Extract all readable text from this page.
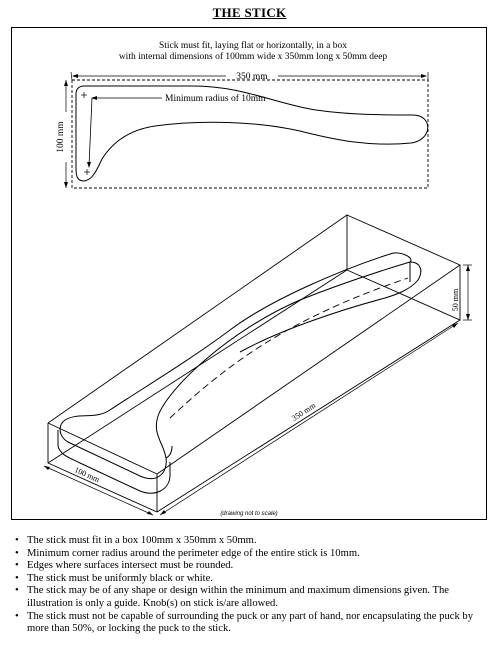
THE STICK
Stick must fit, laying flat or horizontally, in a box
with internal dimensions of 100mm wide x 350mm long x 50mm deep
350 mm
100 mm
Minimum radius of 10mm
50 mm
350 mm
100 mm
(drawing not to scale)
• The stick must fit in a box 100mm x 350mm x 50mm.
• Minimum corner radius around the perimeter edge of the entire stick is 10mm.
• Edges where surfaces intersect must be rounded.
• The stick must be uniformly black or white.
• The stick may be of any shape or design within the minimum and maximum dimensions given. The illustration is only a guide. Knob(s) on stick is/are allowed.
• The stick must not be capable of surrounding the puck or any part of hand, nor encapsulating the puck by more than 50%, or locking the puck to the stick.
